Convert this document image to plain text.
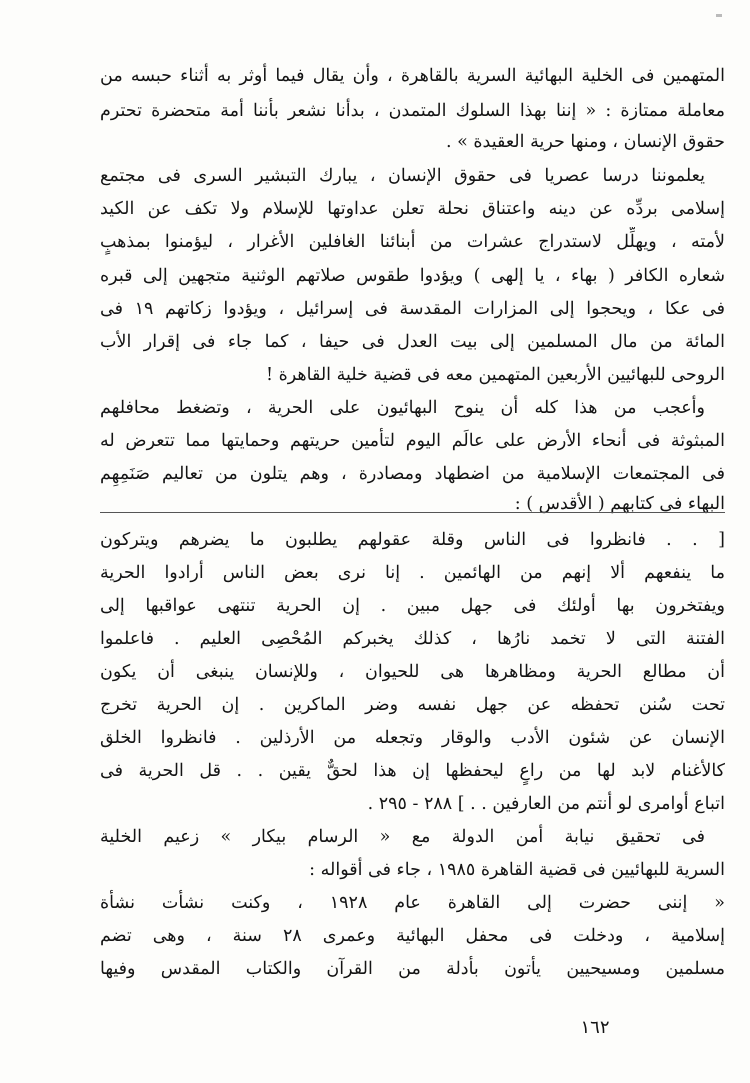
المتهمين فى الخلية البهائية السرية بالقاهرة ، وأن يقال فيما أوثر به أثناء حبسه من
معاملة ممتازة : « إننا بهذا السلوك المتمدن ، بدأنا نشعر بأننا أمة متحضرة تحترم
حقوق الإنسان ، ومنها حرية العقيدة » .
يعلموننا درسا عصريا فى حقوق الإنسان ، يبارك التبشير السرى فى مجتمع
إسلامى بردِّه عن دينه واعتناق نحلة تعلن عداوتها للإسلام ولا تكف عن الكيد
لأمته ، ويهلِّل لاستدراج عشرات من أبنائنا الغافلين الأغرار ، ليؤمنوا بمذهبٍ
شعاره الكافر ( بهاء ، يا إلهى ) ويؤدوا طقوس صلاتهم الوثنية متجهين إلى قبره
فى عكا ، ويحجوا إلى المزارات المقدسة فى إسرائيل ، ويؤدوا زكاتهم ١٩ فى
المائة من مال المسلمين إلى بيت العدل فى حيفا ، كما جاء فى إقرار الأب
الروحى للبهائيين الأربعين المتهمين معه فى قضية خلية القاهرة !
وأعجب من هذا كله أن ينوح البهائيون على الحرية ، وتضغط محافلهم
المبثوثة فى أنحاء الأرض على عالَم اليوم لتأمين حريتهم وحمايتها مما تتعرض له
فى المجتمعات الإسلامية من اضطهاد ومصادرة ، وهم يتلون من تعاليم صَنَمِهِم
البهاء فى كتابهم ( الأقدس ) :
[ . . فانظروا فى الناس وقلة عقولهم يطلبون ما يضرهم ويتركون
ما ينفعهم ألا إنهم من الهائمين . إنا نرى بعض الناس أرادوا الحرية
ويفتخرون بها أولئك فى جهل مبين . إن الحرية تنتهى عواقبها إلى
الفتنة التى لا تخمد نارُها ، كذلك يخبركم المُحْصِى العليم . فاعلموا
أن مطالع الحرية ومظاهرها هى للحيوان ، وللإنسان ينبغى أن يكون
تحت سُنن تحفظه عن جهل نفسه وضر الماكرين . إن الحرية تخرج
الإنسان عن شئون الأدب والوقار وتجعله من الأرذلين . فانظروا الخلق
كالأغنام لابد لها من راعٍ ليحفظها إن هذا لحقٌّ يقين . . قل الحرية فى
اتباع أوامرى لو أنتم من العارفين . . ] ٢٨٨ - ٢٩٥ .
فى تحقيق نيابة أمن الدولة مع « الرسام بيكار » زعيم الخلية
السرية للبهائيين فى قضية القاهرة ١٩٨٥ ، جاء فى أقواله :
« إننى حضرت إلى القاهرة عام ١٩٢٨ ، وكنت نشأت نشأة
إسلامية ، ودخلت فى محفل البهائية وعمرى ٢٨ سنة ، وهى تضم
مسلمين ومسيحيين يأتون بأدلة من القرآن والكتاب المقدس وفيها
١٦٢
